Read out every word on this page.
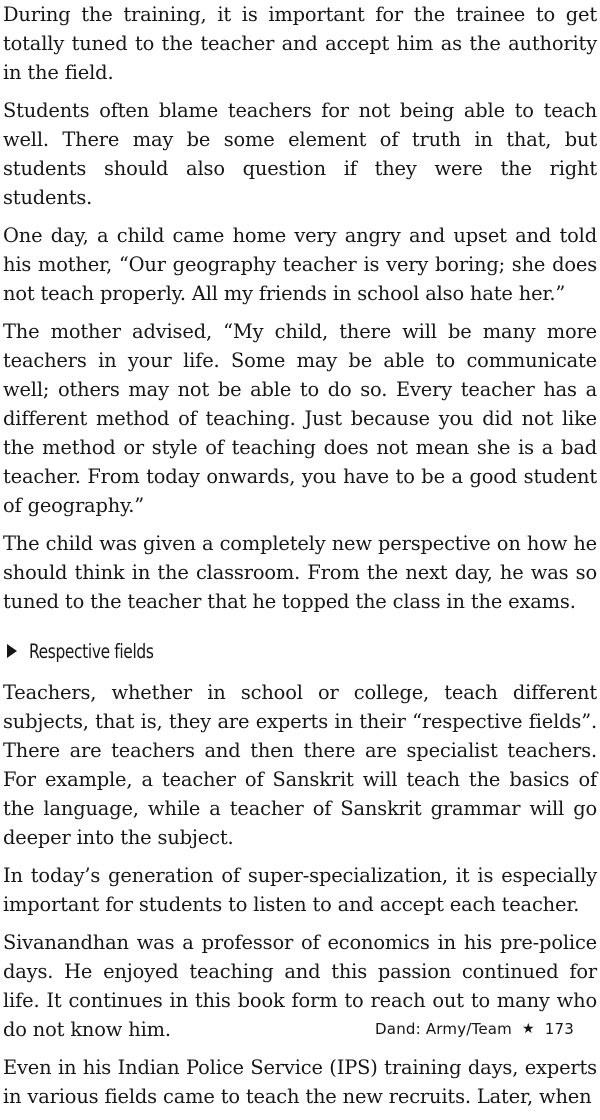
During the training, it is important for the trainee to get totally tuned to the teacher and accept him as the authority in the field.

Students often blame teachers for not being able to teach well. There may be some element of truth in that, but students should also question if they were the right students.

One day, a child came home very angry and upset and told his mother, “Our geography teacher is very boring; she does not teach properly. All my friends in school also hate her.”

The mother advised, “My child, there will be many more teachers in your life. Some may be able to communicate well; others may not be able to do so. Every teacher has a different method of teaching. Just because you did not like the method or style of teaching does not mean she is a bad teacher. From today onwards, you have to be a good student of geography.”

The child was given a completely new perspective on how he should think in the classroom. From the next day, he was so tuned to the teacher that he topped the class in the exams.

Respective fields

Teachers, whether in school or college, teach different subjects, that is, they are experts in their “respective fields”. There are teachers and then there are specialist teachers. For example, a teacher of Sanskrit will teach the basics of the language, while a teacher of Sanskrit grammar will go deeper into the subject.

In today’s generation of super-specialization, it is especially important for students to listen to and accept each teacher.

Sivanandhan was a professor of economics in his pre-police days. He enjoyed teaching and this passion continued for life. It continues in this book form to reach out to many who do not know him.

Even in his Indian Police Service (IPS) training days, experts in various fields came to teach the new recruits. Later, when

Dand: Army/Team ★ 173
